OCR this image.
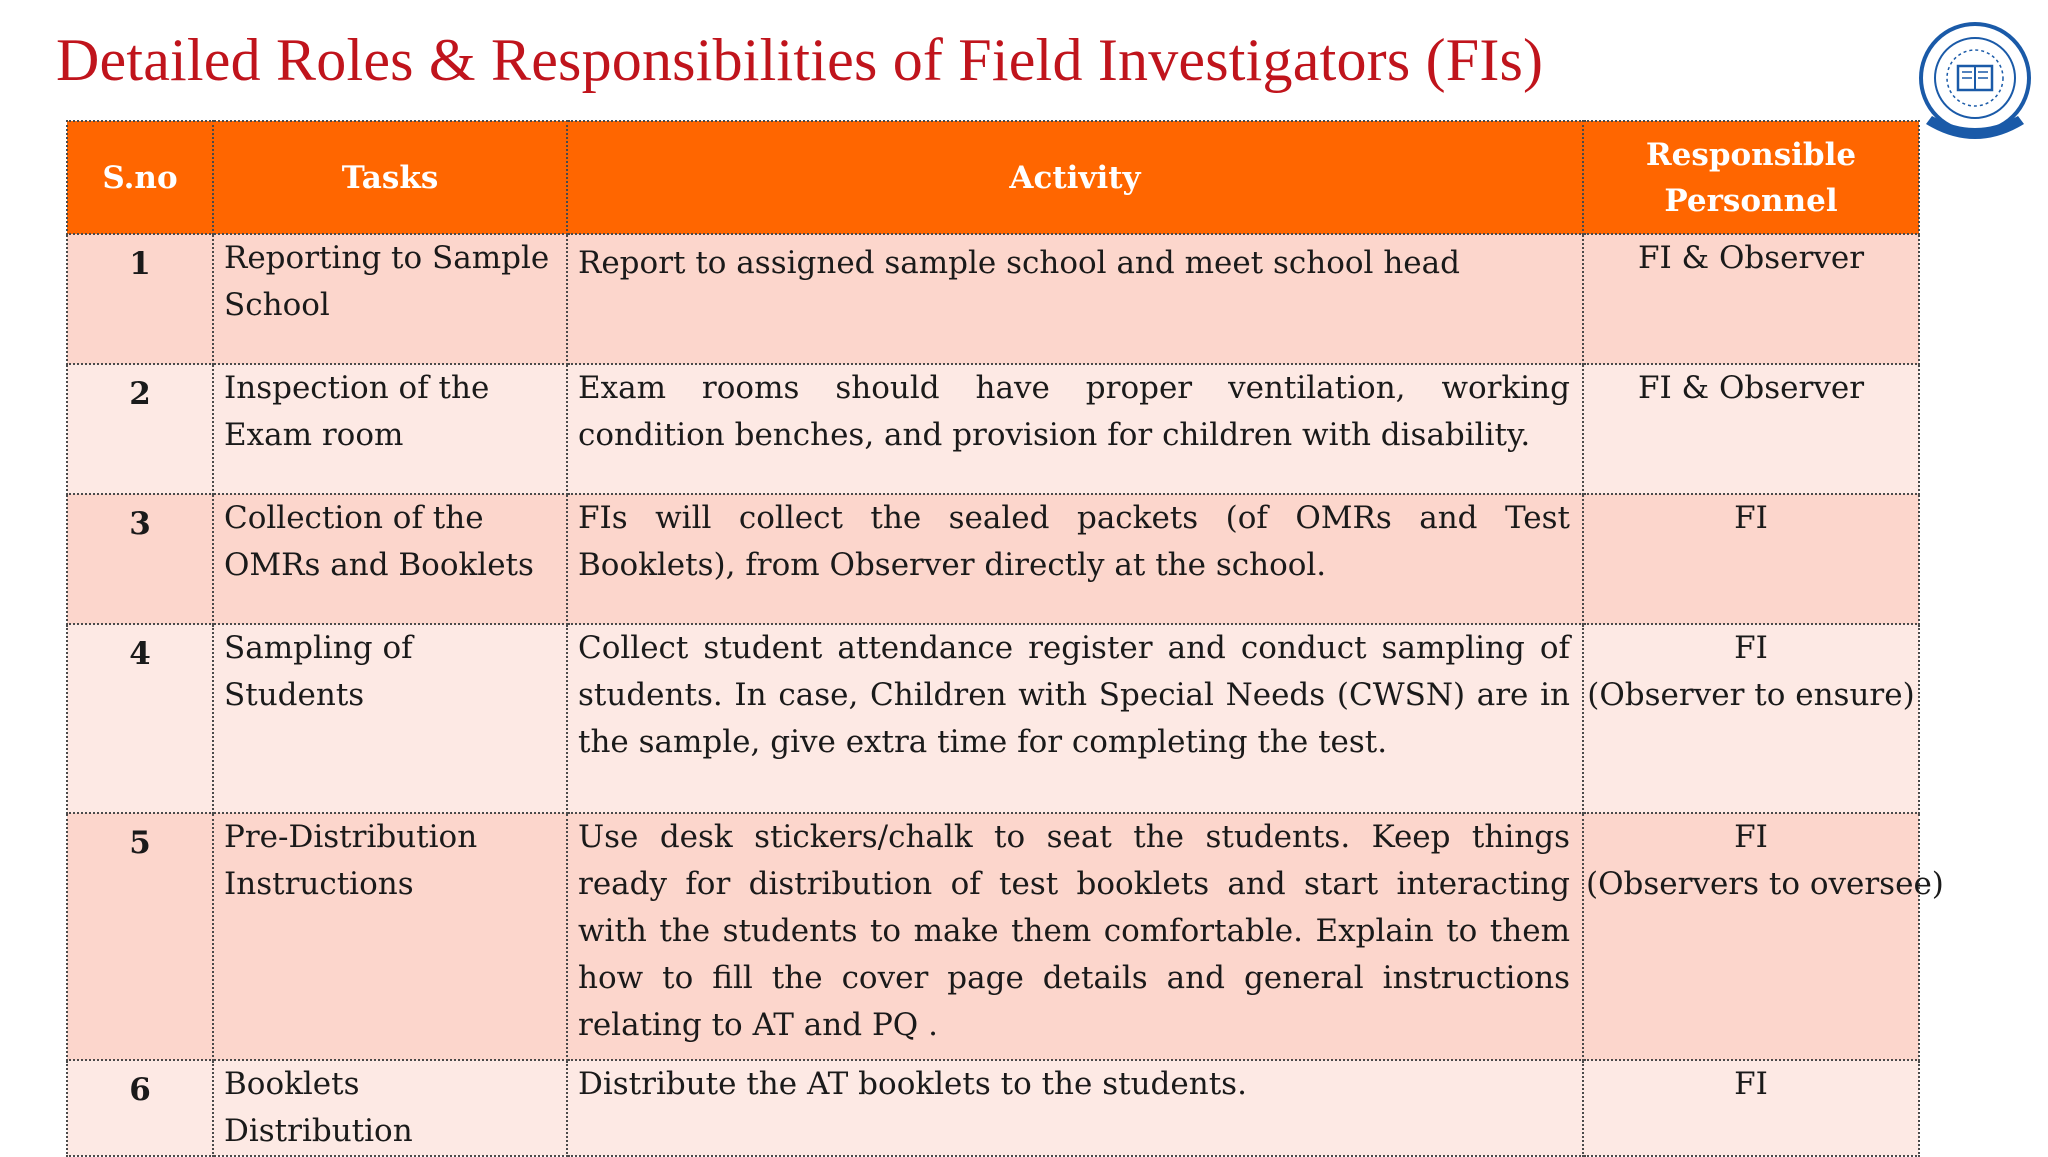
Detailed Roles & Responsibilities of Field Investigators (FIs)
S.no	Tasks	Activity	Responsible
Personnel

1	Reporting to Sample School	Report to assigned sample school and meet school head	FI & Observer

2	Inspection of the Exam room	Exam rooms should have proper ventilation, working condition benches, and provision for children with disability.	FI & Observer

3	Collection of the OMRs and Booklets	FIs will collect the sealed packets (of OMRs and Test Booklets), from Observer directly at the school.	FI

4	Sampling of Students	Collect student attendance register and conduct sampling of students. In case, Children with Special Needs (CWSN) are in the sample, give extra time for completing the test.	FI
(Observer to ensure)

5	Pre-Distribution Instructions	Use desk stickers/chalk to seat the students. Keep things ready for distribution of test booklets and start interacting with the students to make them comfortable. Explain to them how to fill the cover page details and general instructions relating to AT and PQ .	FI
(Observers to oversee)

6	Booklets Distribution	Distribute the AT booklets to the students.	FI
